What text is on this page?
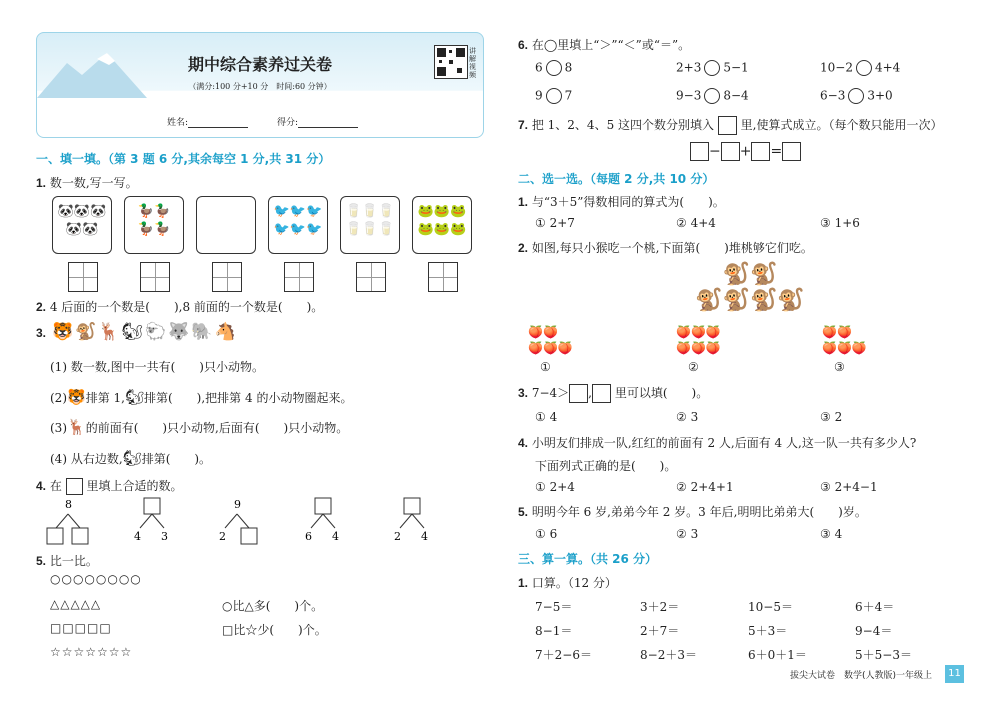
期中综合素养过关卷
（满分:100 分+10 分　时间:60 分钟）
讲解视频
姓名:	得分:
一、填一填。（第 3 题 6 分,其余每空 1 分,共 31 分）
1. 数一数,写一写。
🐼🐼🐼
🐼🐼
🦆🦆
🦆🦆
🐦🐦🐦
🐦🐦🐦
🥛🥛🥛
🥛🥛🥛
🐸🐸🐸
🐸🐸🐸
2. 4 后面的一个数是(　　),8 前面的一个数是(　　)。
3. 🐯🐒🦌🐿🐑🐺🐘🐴
(1) 数一数,图中一共有(　　)只小动物。
(2)🐯排第 1,🐿排第(　　),把排第 4 的小动物圈起来。
(3)🦌的前面有(　　)只小动物,后面有(　　)只小动物。
(4) 从右边数,🐿排第(　　)。
4. 在 里填上合适的数。
8
4 3
9
2	6 4	2 4
5. 比一比。
○○○○○○○○
△△△△△
□□□□□
☆☆☆☆☆☆☆
○比△多(　　)个。
□比☆少(　　)个。
6. 在◯里填上“＞”“＜”或“＝”。
6 8	2+3 5−1	10−2 4+4
9 7	9−3 8−4	6−3 3+0
7. 把 1、2、4、5 这四个数分别填入 里,使算式成立。（每个数只能用一次）
− + =
二、选一选。（每题 2 分,共 10 分）
1. 与“3＋5”得数相同的算式为(　　)。
① 2+7	② 4+4	③ 1+6
2. 如图,每只小猴吃一个桃,下面第(　　)堆桃够它们吃。
🐒🐒
🐒🐒🐒🐒
🍑🍑
🍑🍑🍑
🍑🍑🍑
🍑🍑🍑
🍑🍑
🍑🍑🍑
①	②	③
3. 7−4＞ , 里可以填(　　)。
① 4	② 3	③ 2
4. 小明友们排成一队,红红的前面有 2 人,后面有 4 人,这一队一共有多少人?
下面列式正确的是(　　)。
① 2+4	② 2+4+1	③ 2+4−1
5. 明明今年 6 岁,弟弟今年 2 岁。3 年后,明明比弟弟大(　　)岁。
① 6	② 3	③ 4
三、算一算。（共 26 分）
1. 口算。（12 分）
7−5＝	3＋2＝	10−5＝	6＋4＝
8−1＝	2＋7＝	5＋3＝	9−4＝
7＋2−6＝	8−2＋3＝	6＋0＋1＝	5＋5−3＝
拔尖大试卷　数学(人教版)一年级上	11
